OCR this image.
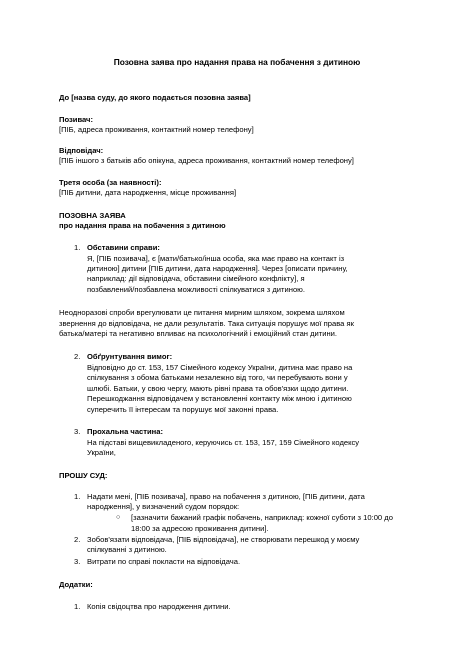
Позовна заява про надання права на побачення з дитиною
До [назва суду, до якого подається позовна заява]
Позивач:
[ПІБ, адреса проживання, контактний номер телефону]
Відповідач:
[ПІБ іншого з батьків або опікуна, адреса проживання, контактний номер телефону]
Третя особа (за наявності):
[ПІБ дитини, дата народження, місце проживання]
ПОЗОВНА ЗАЯВА
про надання права на побачення з дитиною
1. Обставини справи:
Я, [ПІБ позивача], є [мати/батько/інша особа, яка має право на контакт із
дитиною] дитини [ПІБ дитини, дата народження]. Через [описати причину,
наприклад: дії відповідача, обставини сімейного конфлікту], я
позбавлений/позбавлена можливості спілкуватися з дитиною.
Неодноразові спроби врегулювати це питання мирним шляхом, зокрема шляхом
звернення до відповідача, не дали результатів. Така ситуація порушує мої права як
батька/матері та негативно впливає на психологічний і емоційний стан дитини.
2. Обґрунтування вимог:
Відповідно до ст. 153, 157 Сімейного кодексу України, дитина має право на
спілкування з обома батьками незалежно від того, чи перебувають вони у
шлюбі. Батьки, у свою чергу, мають рівні права та обов'язки щодо дитини.
Перешкоджання відповідачем у встановленні контакту між мною і дитиною
суперечить її інтересам та порушує мої законні права.
3. Прохальна частина:
На підставі вищевикладеного, керуючись ст. 153, 157, 159 Сімейного кодексу
України,
ПРОШУ СУД:
1. Надати мені, [ПІБ позивача], право на побачення з дитиною, [ПІБ дитини, дата
народження], у визначений судом порядок:
○ [зазначити бажаний графік побачень, наприклад: кожної суботи з 10:00 до
18:00 за адресою проживання дитини].
2. Зобов'язати відповідача, [ПІБ відповідача], не створювати перешкод у моєму
спілкуванні з дитиною.
3. Витрати по справі покласти на відповідача.
Додатки:
1. Копія свідоцтва про народження дитини.
